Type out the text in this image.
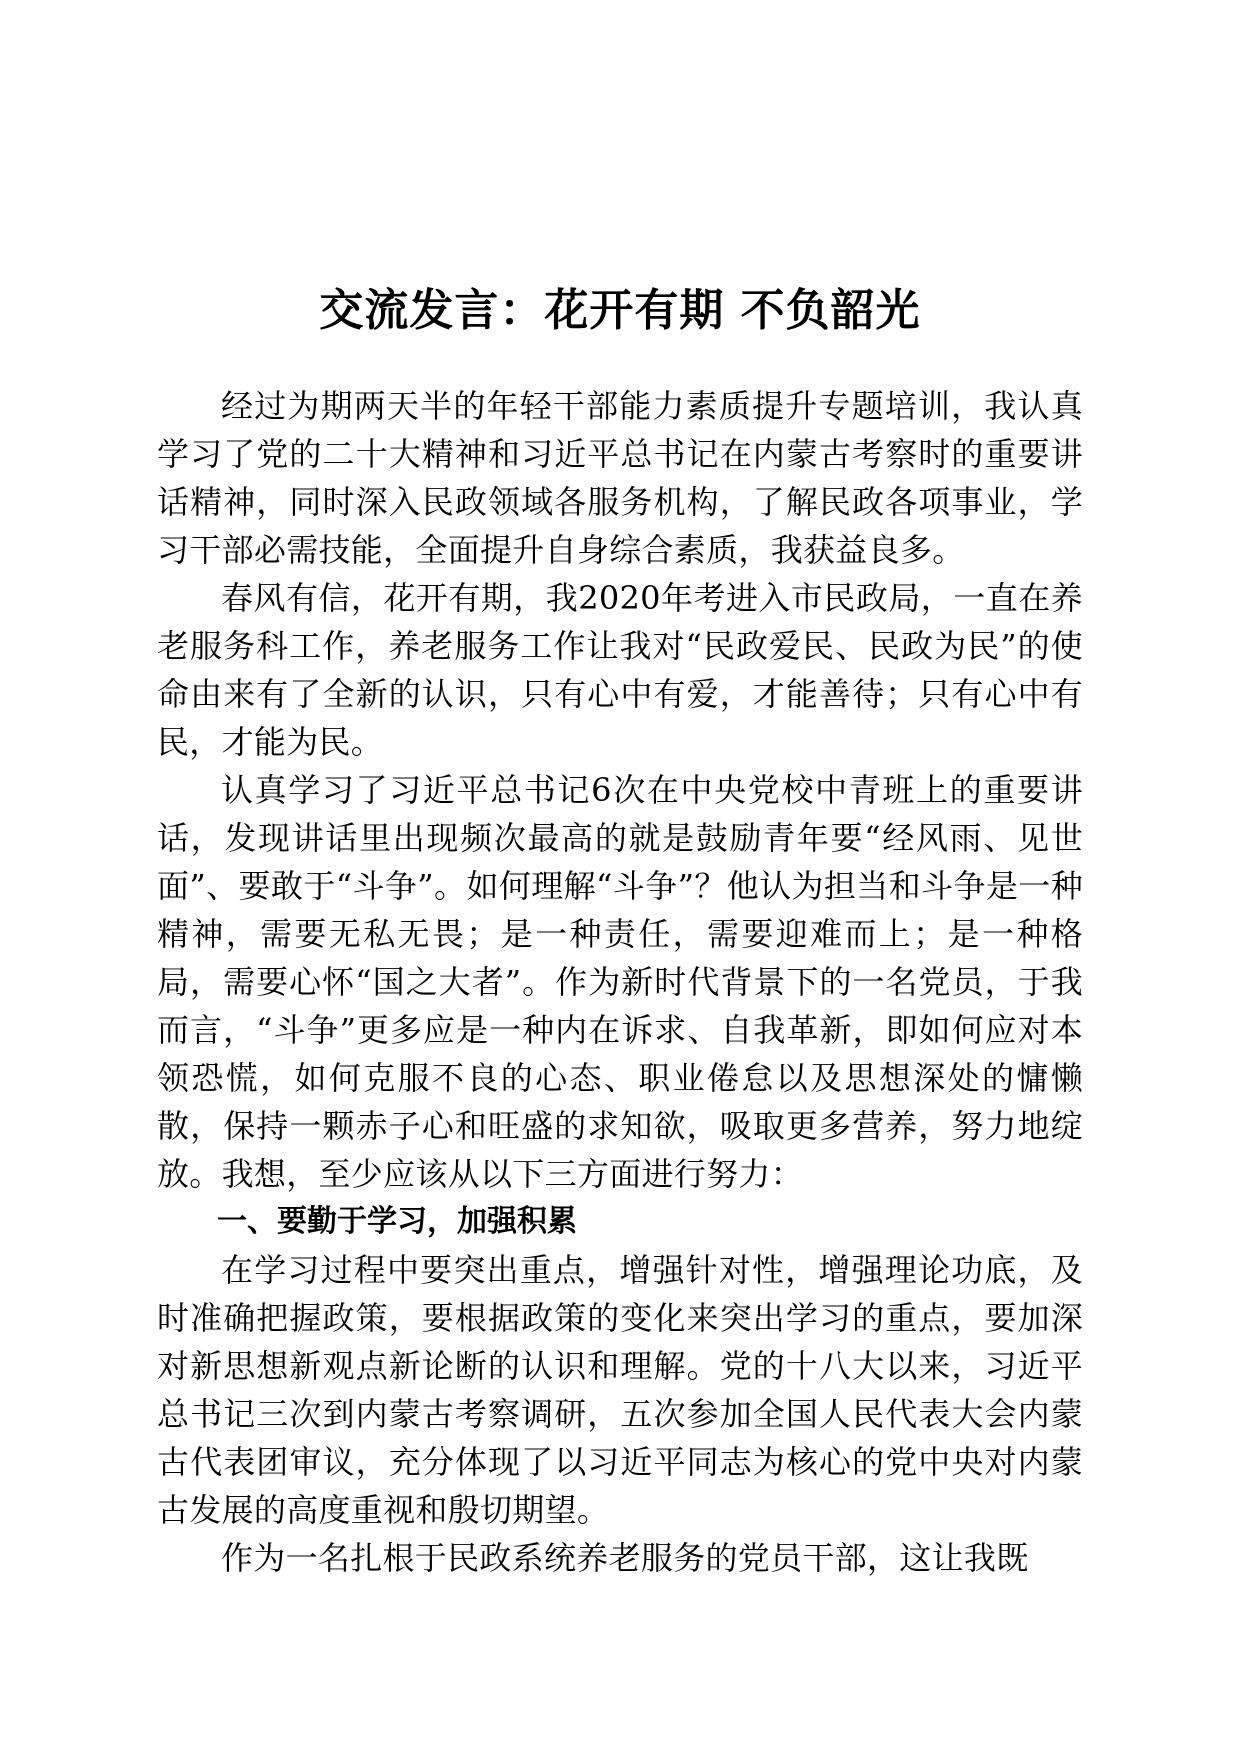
交流发言：花开有期 不负韶光

经过为期两天半的年轻干部能力素质提升专题培训，我认真学习了党的二十大精神和习近平总书记在内蒙古考察时的重要讲话精神，同时深入民政领域各服务机构，了解民政各项事业，学习干部必需技能，全面提升自身综合素质，我获益良多。

春风有信，花开有期，我2020年考进入市民政局，一直在养老服务科工作，养老服务工作让我对“民政爱民、民政为民”的使命由来有了全新的认识，只有心中有爱，才能善待；只有心中有民，才能为民。

认真学习了习近平总书记6次在中央党校中青班上的重要讲话，发现讲话里出现频次最高的就是鼓励青年要“经风雨、见世面”、要敢于“斗争”。如何理解“斗争”？他认为担当和斗争是一种精神，需要无私无畏；是一种责任，需要迎难而上；是一种格局，需要心怀“国之大者”。作为新时代背景下的一名党员，于我而言，“斗争”更多应是一种内在诉求、自我革新，即如何应对本领恐慌，如何克服不良的心态、职业倦怠以及思想深处的慵懒散，保持一颗赤子心和旺盛的求知欲，吸取更多营养，努力地绽放。我想，至少应该从以下三方面进行努力：

一、要勤于学习，加强积累

在学习过程中要突出重点，增强针对性，增强理论功底，及时准确把握政策，要根据政策的变化来突出学习的重点，要加深对新思想新观点新论断的认识和理解。党的十八大以来，习近平总书记三次到内蒙古考察调研，五次参加全国人民代表大会内蒙古代表团审议，充分体现了以习近平同志为核心的党中央对内蒙古发展的高度重视和殷切期望。

作为一名扎根于民政系统养老服务的党员干部，这让我既
